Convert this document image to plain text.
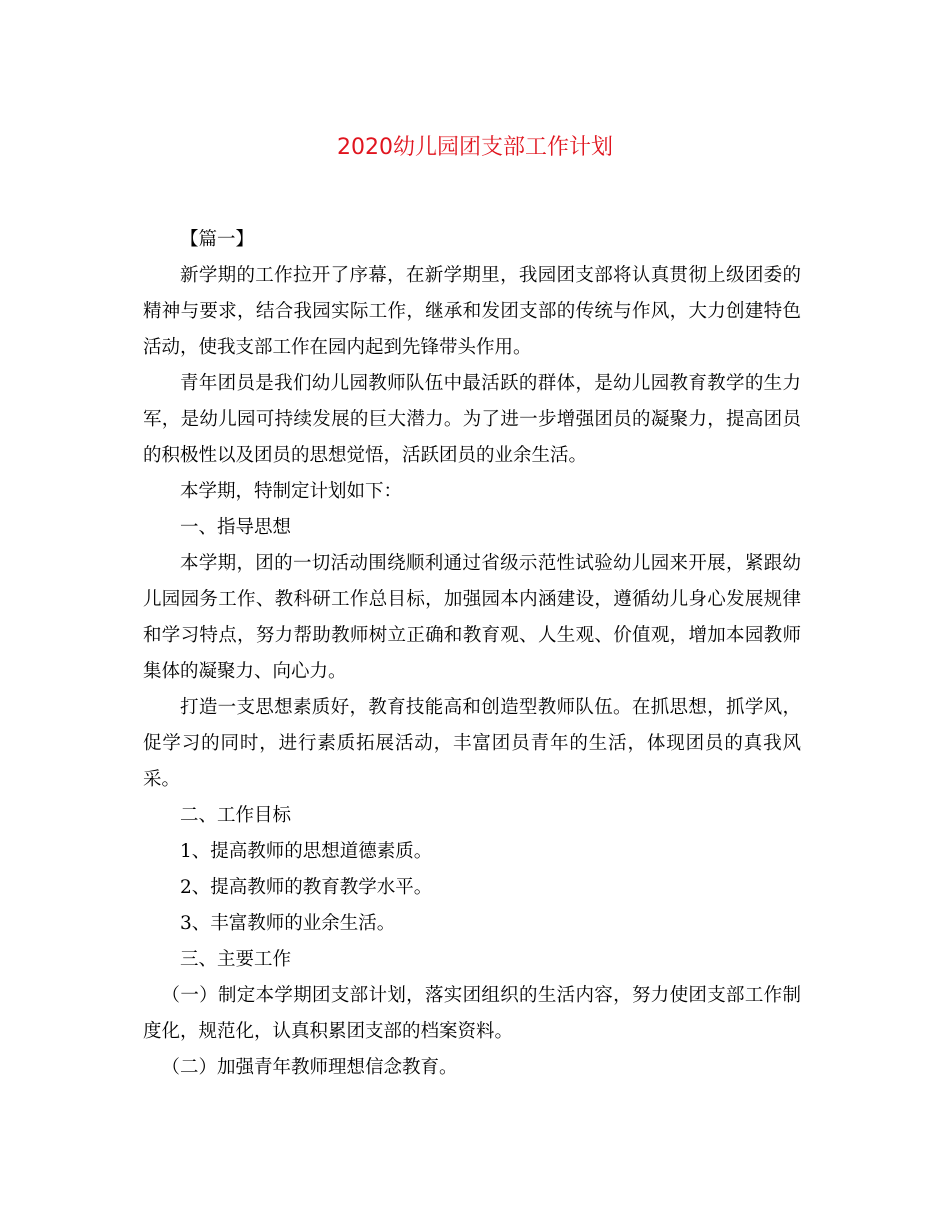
2020幼儿园团支部工作计划

【篇一】

新学期的工作拉开了序幕，在新学期里，我园团支部将认真贯彻上级团委的精神与要求，结合我园实际工作，继承和发团支部的传统与作风，大力创建特色活动，使我支部工作在园内起到先锋带头作用。

青年团员是我们幼儿园教师队伍中最活跃的群体，是幼儿园教育教学的生力军，是幼儿园可持续发展的巨大潜力。为了进一步增强团员的凝聚力，提高团员的积极性以及团员的思想觉悟，活跃团员的业余生活。

本学期，特制定计划如下：

一、指导思想

本学期，团的一切活动围绕顺利通过省级示范性试验幼儿园来开展，紧跟幼儿园园务工作、教科研工作总目标，加强园本内涵建设，遵循幼儿身心发展规律和学习特点，努力帮助教师树立正确和教育观、人生观、价值观，增加本园教师集体的凝聚力、向心力。

打造一支思想素质好，教育技能高和创造型教师队伍。在抓思想，抓学风，促学习的同时，进行素质拓展活动，丰富团员青年的生活，体现团员的真我风采。

二、工作目标

1、提高教师的思想道德素质。

2、提高教师的教育教学水平。

3、丰富教师的业余生活。

三、主要工作

（一）制定本学期团支部计划，落实团组织的生活内容，努力使团支部工作制度化，规范化，认真积累团支部的档案资料。

（二）加强青年教师理想信念教育。
